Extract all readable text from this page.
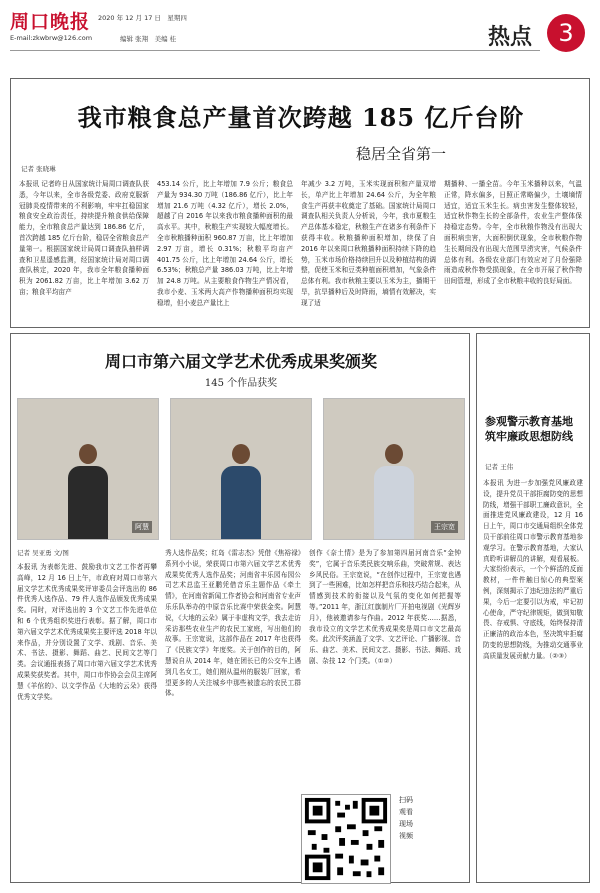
周口晚报 2020 年 12 月 17 日　星期四
E-mail:zkwbrw@126.com	编辑 张翔　美编 桂	热点	3
我市粮食总产量首次跨越 185 亿斤台阶
稳居全省第一
记者 张晓琳
本报讯 记者昨日从国家统计局周口调查队获悉，今年以来，全市各级党委、政府克服新冠肺炎疫情带来的不利影响，牢牢扛稳国家粮食安全政治责任，持续提升粮食供给保障能力，全市粮食总产量达到 186.86 亿斤，首次跨越 185 亿斤台阶，稳居全省粮食总产量第一。根据国家统计局周口调查队抽样调查和卫星遥感监测，经国家统计局对周口调查队核定，2020 年，我市全年粮食播种面积为 2061.82 万亩，比上年增加 3.62 万亩；粮食平均亩产
453.14 公斤，比上年增加 7.9 公斤；粮食总产量为 934.30 万吨（186.86 亿斤），比上年增加 21.6 万吨（4.32 亿斤），增长 2.0%，超越了自 2016 年以来我市粮食播种面积的最高水平。其中，秋粮生产实现较大幅度增长。全市秋粮播种面积 960.87 万亩，比上年增加 2.97 万亩，增长 0.31%；秋粮平均亩产 401.75 公斤，比上年增加 24.64 公斤，增长 6.53%；秋粮总产量 386.03 万吨，比上年增加 24.8 万吨。从主要粮食作物生产情况看，我市小麦、玉米两大高产作物播种面积均实现稳增，但小麦总产量比上
年减少 3.2 万吨，玉米实现面积和产量双增长，单产比上年增加 24.64 公斤，为全年粮食生产再获丰收奠定了基础。国家统计局周口调查队相关负责人分析说，今年，我市夏粮生产总体基本稳定，秋粮生产在诸多有利条件下获得丰收。秋粮播种面积增加，续保了自 2016 年以来周口秋粮播种面积持续下降的趋势，玉米市场价格持续回升以及种植结构的调整，促使玉米和豆类种植面积增加，气象条件总体有利。我市秋粮主要以玉米为主，播期干旱，抗旱播种后及时降雨，墒情有效解决，实现了适
期播种、一播全苗。今年玉米播种以来，气温正常，降水偏多，日照正常略偏少，土壤墒情适宜，适宜玉米生长。病虫害发生整体较轻，适宜秋作物生长的全部条件，农业生产整体保持稳定态势。今年，全市秋粮作物没有出现大面积病虫害，大面积倒伏现象，全市秋粮作物生长期间没有出现大范围旱涝灾害，气候条件总体有利。各级农业部门有效应对了月份强降雨造成秋作物受损现象，在全市开展了秋作物田间管理，形成了全市秋粮丰收的良好局面。
周口市第六届文学艺术优秀成果奖颁奖
145 个作品获奖
阿慧	王宗宽
记者 吴亚勇 文/图
本报讯 为表彰先进、鼓励我市文艺工作者再攀高峰，12 月 16 日上午，市政府对周口市第六届文学艺术优秀成果奖评审委员会评选出的 86 件优秀人选作品、79 件人选作品颁发优秀成果奖。同时，对评选出的 3 个文艺工作先进单位和 6 个优秀组织奖进行表彰。据了解，周口市第六届文学艺术优秀成果奖主要评选 2018 年以来作品，并分别设置了文学、戏剧、音乐、美术、书法、摄影、舞蹈、曲艺、民间文艺等门类。会议通报表扬了周口市第六届文学艺术优秀成果奖获奖者。其中，周口市作协会会员主席阿慧《羊倌的》、以文学作品《大地的云朵》获得优秀文学奖。
秀人选作品奖；红岛《雷志杰》凭借《焦裕禄》系列小小说，荣获周口市第六届文学艺术优秀成果奖优秀人选作品奖；河南省丰乐园布园公司艺术总监王亚鹏凭借音乐主题作品《牵土情》，在河南省新闻工作者协会和河南省专业声乐乐队举办的中原音乐比赛中荣获金奖。阿慧说，《大地的云朵》属于非虚构文学，我去走访采访那些农业生产的农民工家庭，写出他们的故事。王宗宽说，这部作品在 2017 年也获得了《民族文学》年度奖。关于创作的目的，阿慧说自从 2014 年，她在团长已的公交车上遇到几名女工，她们刚从温州的服装厂回家，希望更多的人关注城乡中那些被遗忘的农民工群体。
创作《奈土情》是为了参加第四届河南音乐“金钟奖”，它属于音乐类民族交响乐曲，突破常规、表达乡风民俗。王宗宽说，“在创作过程中，王宗宽也遇到了一些困难，比如怎样把音乐和技巧结合起来，从情感到技术的衔接以及气氛的变化如何把握等等。”2011 年，浙江红旗制片厂开拍电视剧《光辉岁月》，他被邀请参与作曲。2012 年获奖……据悉，我市设立的文学艺术优秀成果奖是周口市文艺最高奖。此次评奖涵盖了文学、文艺评论、广播影视、音乐、曲艺、美术、民间文艺、摄影、书法、舞蹈、戏剧、杂技 12 个门类。（①②）
扫码观看现场视频
参观警示教育基地 筑牢廉政思想防线
记者 王伟
本报讯 为进一步加强党风廉政建设，提升党员干部拒腐防变的思想防线，增强干部职工廉政意识，全面推进党风廉政建设，12 月 16 日上午，周口市交通局组织全体党员干部前往周口市警示教育基地参观学习。在警示教育基地，大家认真聆听讲解员的讲解，观看展板。大家纷纷表示，一个个鲜活的反面教材，一件件触目惊心的典型案例，深刻揭示了违纪违法的严重后果，今后一定要引以为戒，牢记初心使命，严守纪律规矩，做到知敬畏、存戒惧、守底线，始终保持清正廉洁的政治本色，坚决筑牢拒腐防变的思想防线，为推动交通事业高质量发展贡献力量。（②③）
